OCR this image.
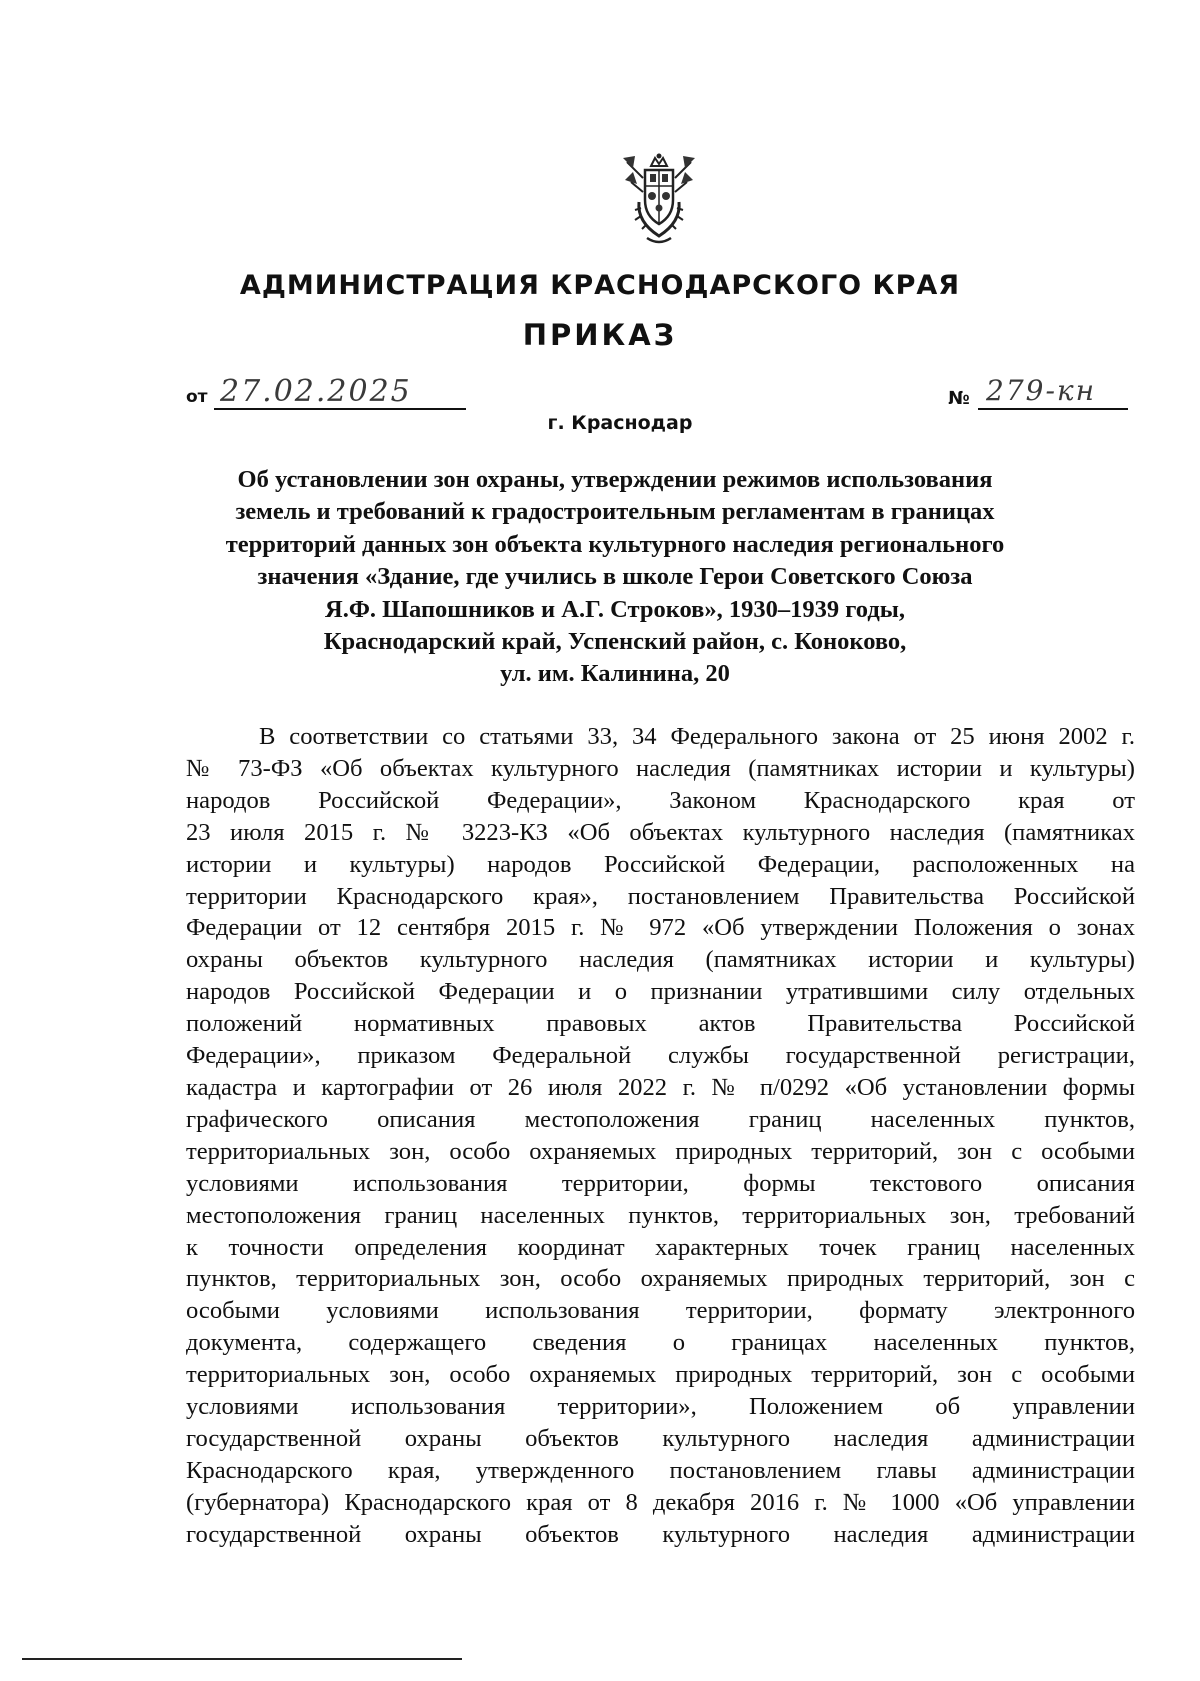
АДМИНИСТРАЦИЯ КРАСНОДАРСКОГО КРАЯ
ПРИКАЗ
от 27.02.2025	№ 279-кн
г. Краснодар
Об установлении зон охраны, утверждении режимов использования
земель и требований к градостроительным регламентам в границах
территорий данных зон объекта культурного наследия регионального
значения «Здание, где учились в школе Герои Советского Союза
Я.Ф. Шапошников и А.Г. Строков», 1930–1939 годы,
Краснодарский край, Успенский район, с. Коноково,
ул. им. Калинина, 20
В соответствии со статьями 33, 34 Федерального закона от 25 июня 2002 г.
№ 73-ФЗ «Об объектах культурного наследия (памятниках истории и культуры)
народов Российской Федерации», Законом Краснодарского края от
23 июля 2015 г. № 3223-КЗ «Об объектах культурного наследия (памятниках
истории и культуры) народов Российской Федерации, расположенных на
территории Краснодарского края», постановлением Правительства Российской
Федерации от 12 сентября 2015 г. № 972 «Об утверждении Положения о зонах
охраны объектов культурного наследия (памятниках истории и культуры)
народов Российской Федерации и о признании утратившими силу отдельных
положений нормативных правовых актов Правительства Российской
Федерации», приказом Федеральной службы государственной регистрации,
кадастра и картографии от 26 июля 2022 г. № п/0292 «Об установлении формы
графического описания местоположения границ населенных пунктов,
территориальных зон, особо охраняемых природных территорий, зон с особыми
условиями использования территории, формы текстового описания
местоположения границ населенных пунктов, территориальных зон, требований
к точности определения координат характерных точек границ населенных
пунктов, территориальных зон, особо охраняемых природных территорий, зон с
особыми условиями использования территории, формату электронного
документа, содержащего сведения о границах населенных пунктов,
территориальных зон, особо охраняемых природных территорий, зон с особыми
условиями использования территории», Положением об управлении
государственной охраны объектов культурного наследия администрации
Краснодарского края, утвержденного постановлением главы администрации
(губернатора) Краснодарского края от 8 декабря 2016 г. № 1000 «Об управлении
государственной охраны объектов культурного наследия администрации
